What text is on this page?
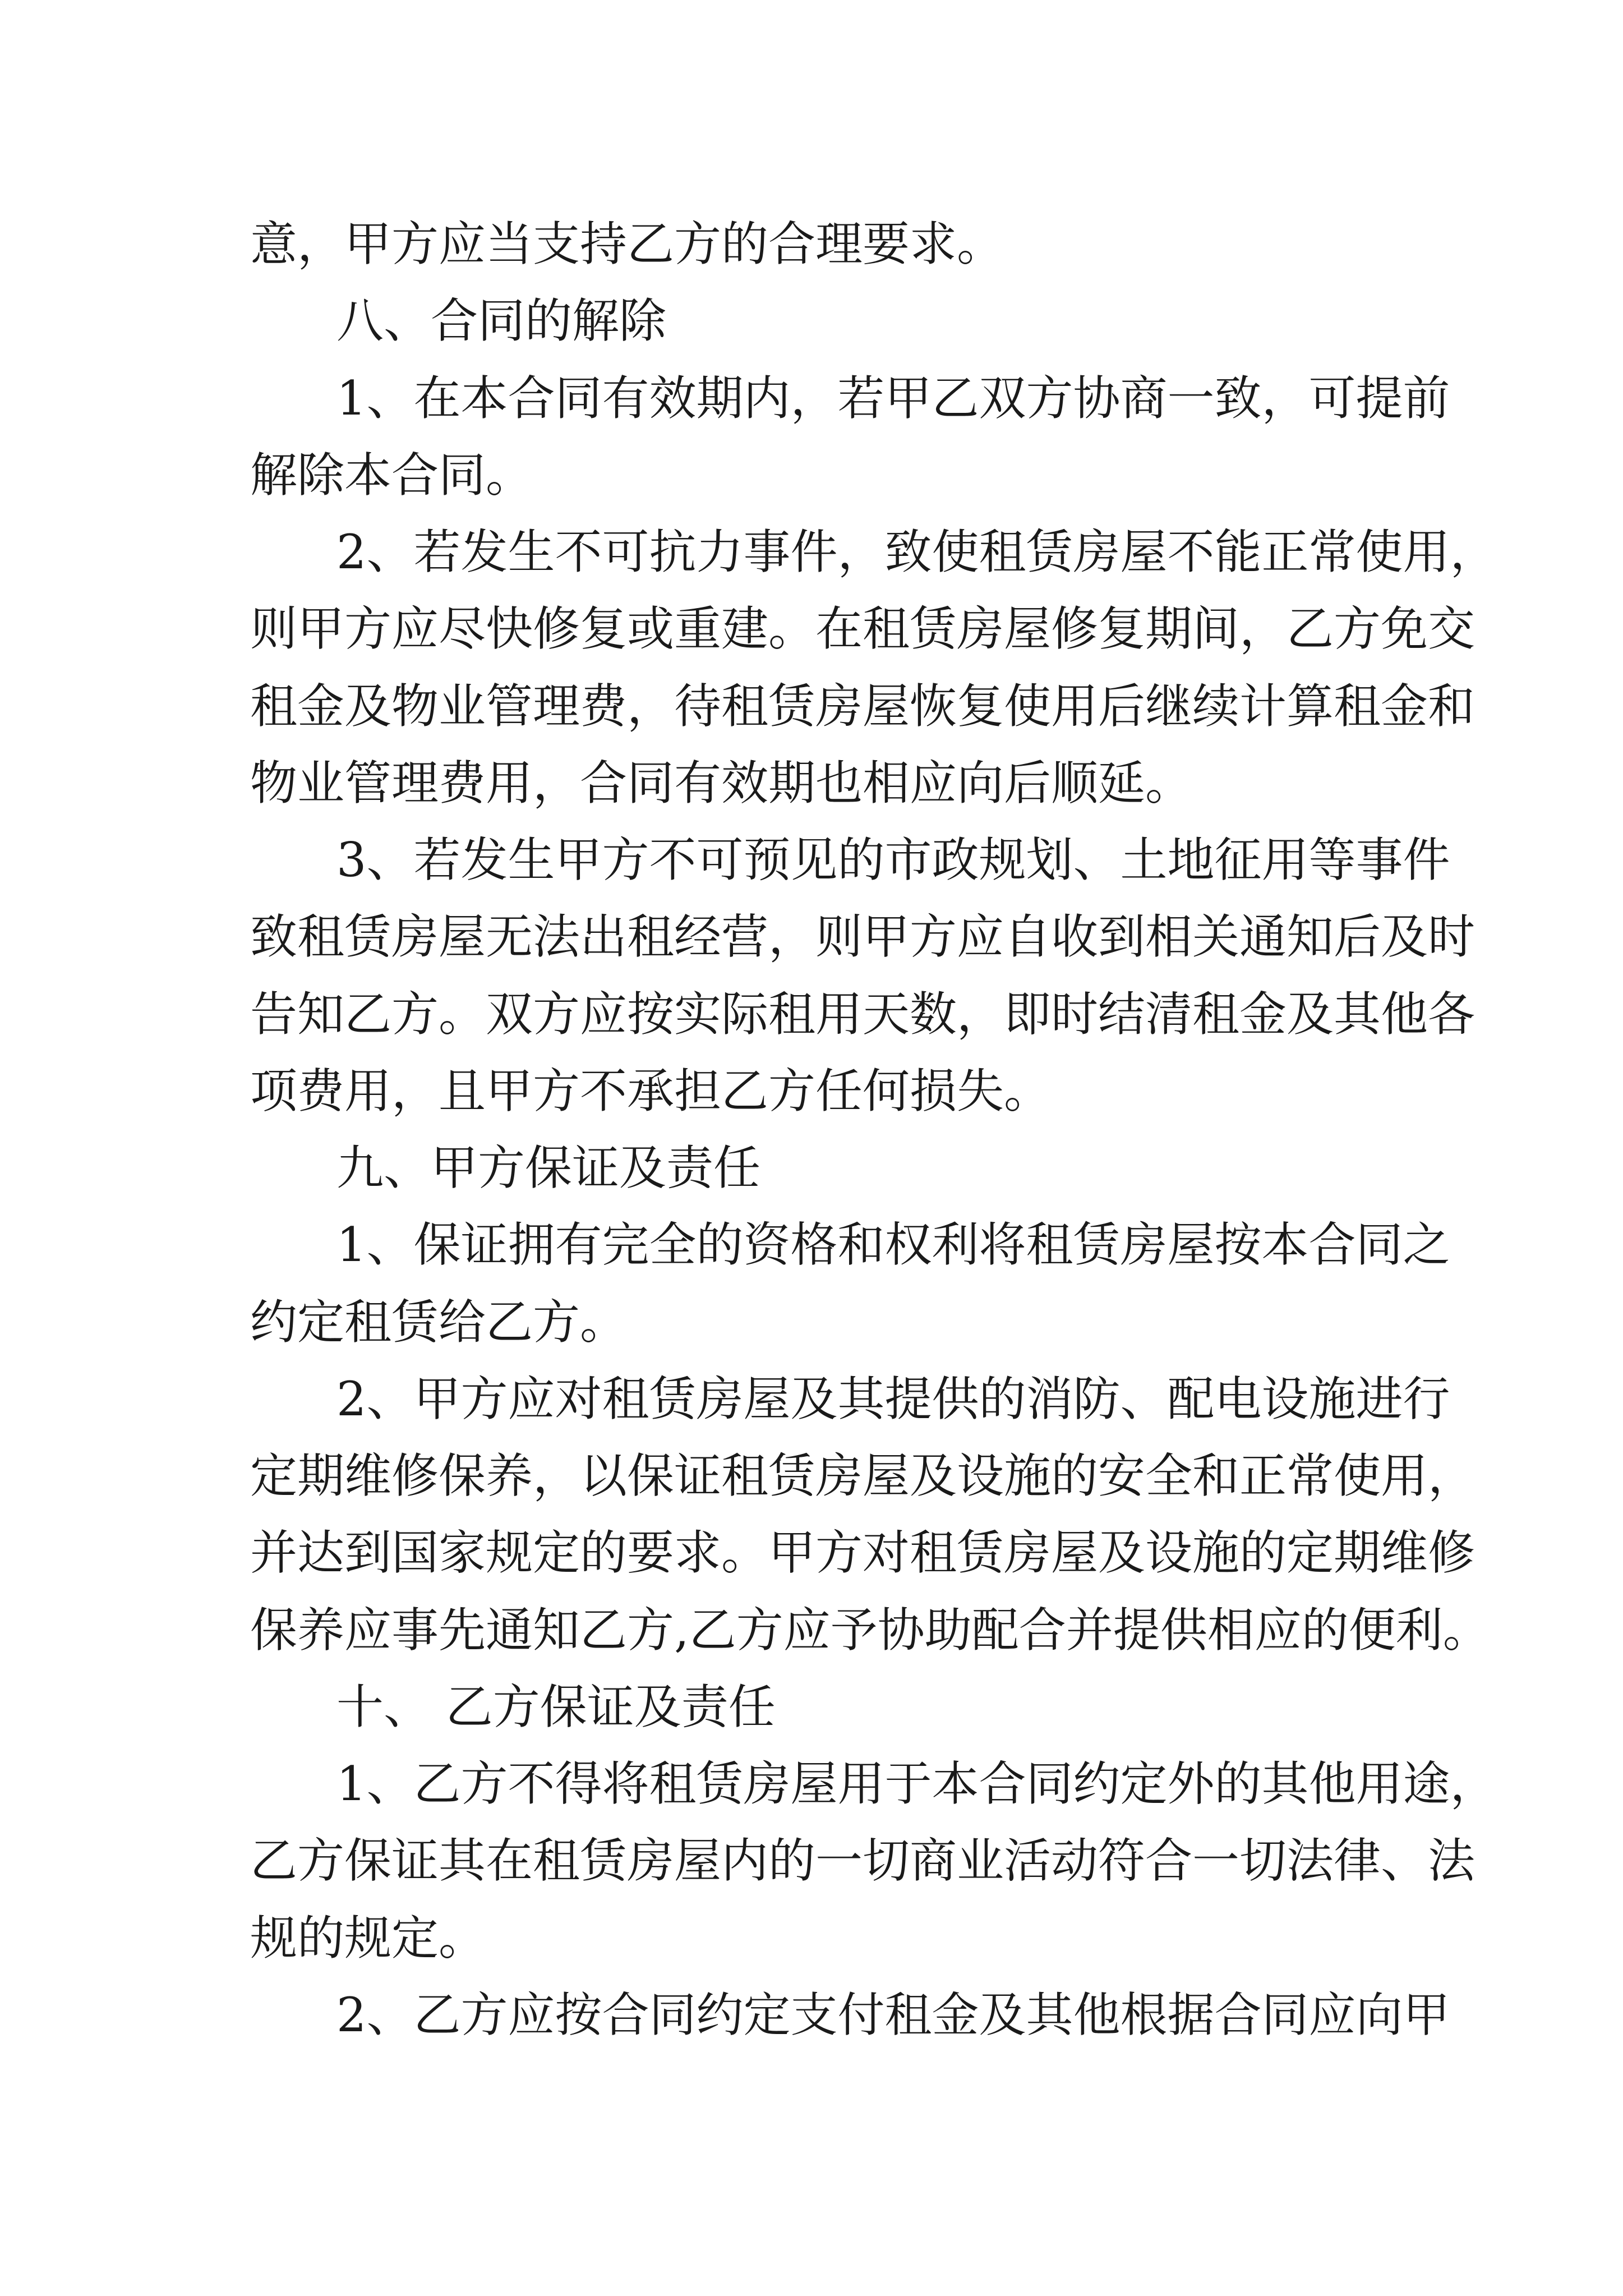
意，甲方应当支持乙方的合理要求。
八、合同的解除
1、在本合同有效期内，若甲乙双方协商一致，可提前
解除本合同。
2、若发生不可抗力事件，致使租赁房屋不能正常使用，
则甲方应尽快修复或重建。在租赁房屋修复期间，乙方免交
租金及物业管理费，待租赁房屋恢复使用后继续计算租金和
物业管理费用，合同有效期也相应向后顺延。
3、若发生甲方不可预见的市政规划、土地征用等事件
致租赁房屋无法出租经营，则甲方应自收到相关通知后及时
告知乙方。双方应按实际租用天数，即时结清租金及其他各
项费用，且甲方不承担乙方任何损失。
九、甲方保证及责任
1、保证拥有完全的资格和权利将租赁房屋按本合同之
约定租赁给乙方。
2、甲方应对租赁房屋及其提供的消防、配电设施进行
定期维修保养，以保证租赁房屋及设施的安全和正常使用，
并达到国家规定的要求。甲方对租赁房屋及设施的定期维修
保养应事先通知乙方,乙方应予协助配合并提供相应的便利。
十、 乙方保证及责任
1、乙方不得将租赁房屋用于本合同约定外的其他用途，
乙方保证其在租赁房屋内的一切商业活动符合一切法律、法
规的规定。
2、乙方应按合同约定支付租金及其他根据合同应向甲
